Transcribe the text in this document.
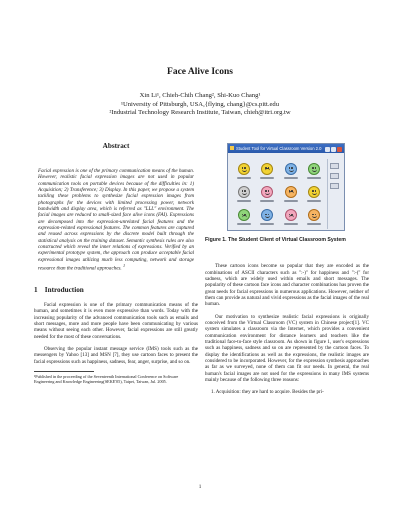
Face Alive Icons
Xin Li¹, Chieh-Chih Chang², Shi-Kuo Chang¹
¹University of Pittsburgh, USA,{flying, chang}@cs.pitt.edu
²Industrial Technology Research Institute, Taiwan, chieh@itri.org.tw
Abstract
Facial expression is one of the primary communication means of the human. However, realistic facial expression images are not used in popular communication tools on portable devices because of the difficulties in: 1) Acquisition; 2) Transference; 3) Display. In this paper, we propose a system tackling these problems to synthesize facial expression images from photographs for the devices with limited processing power, network bandwidth and display area, which is referred as "LLL" environment. The facial images are reduced to small-sized face alive icons (FAI). Expressions are decomposed into the expression-unrelated facial features and the expression-related expressional features. The common features are captured and reused across expressions by the discrete model built through the statistical analysis on the training dataset. Semantic synthesis rules are also constructed which reveal the inner relations of expressions. Verified by an experimental prototype system, the approach can produce acceptable facial expressional images utilizing much less computing, network and storage resource than the traditional approaches. $^1$
1 Introduction

Facial expression is one of the primary communication means of the human, and sometimes it is even more expressive than words. Today with the increasing popularity of the advanced communication tools such as emails and short messages, more and more people have been communicating by various means without seeing each other. However, facial expressions are still greatly needed for the most of these conversations.

Observing the popular instant message service (IMS) tools such as the messengers by Yahoo [13] and MSN [7], they use cartoon faces to present the facial expressions such as happiness, sadness, fear, anger, surprise, and so on.

¹Published in the proceeding of the Seventeenth International Conference on Software Engineering and Knowledge Engineering(SEKE'05), Taipei, Taiwan, Jul. 2005.
Student Tool for Virtual Classroom Version 2.0
Figure 1. The Student Client of Virtual Classroom System

These cartoon icons become so popular that they are encoded as the combinations of ASCII characters such as ":-)" for happiness and ":-(" for sadness, which are widely used within emails and short messages. The popularity of these cartoon face icons and character combinations has proven the great needs for facial expressions in numerous applications. However, neither of them can provide as natural and vivid expressions as the facial images of the real human.

Our motivation to synthesize realistic facial expressions is originally conceived from the Virtual Classroom (VC) system in Chinese project[1]. VC system simulates a classroom via the Internet, which provides a convenient communication environment for distance learners and teachers like the traditional face-to-face style classroom. As shown in figure 1, user's expressions such as happiness, sadness and so on are represented by the cartoon faces. To display the identifications as well as the expressions, the realistic images are considered to be incorporated. However, for the expression synthesis approaches as far as we surveyed, none of them can fit our needs. In general, the real human's facial images are not used for the expressions in many IMS systems mainly because of the following three reasons:

1. Acquisition: they are hard to acquire. Besides the pri-
1
